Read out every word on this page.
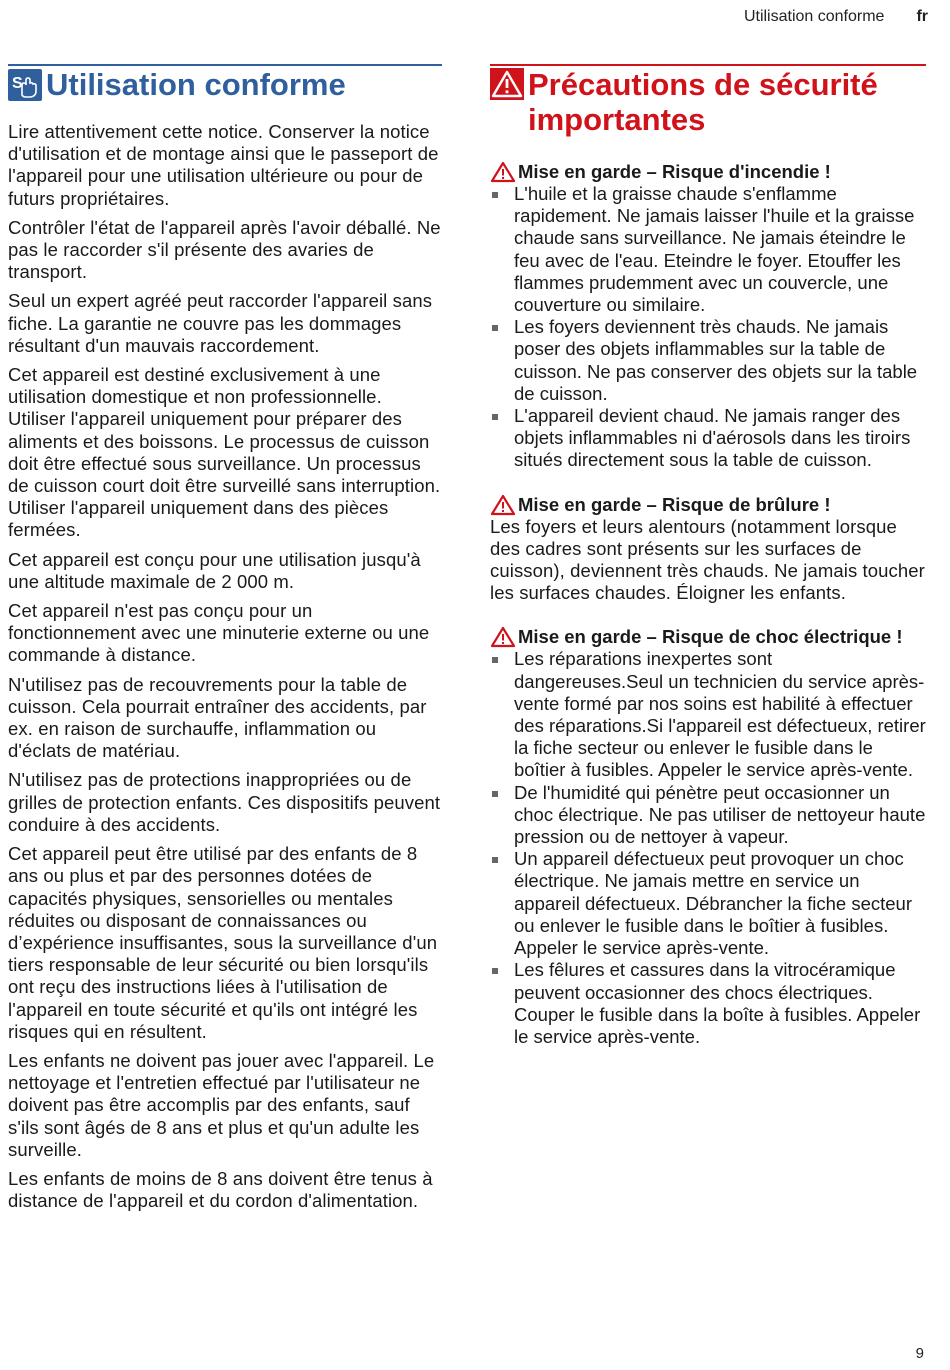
Utilisation conforme fr
S Utilisation conforme

Lire attentivement cette notice. Conserver la notice d'utilisation et de montage ainsi que le passeport de l'appareil pour une utilisation ultérieure ou pour de futurs propriétaires.

Contrôler l'état de l'appareil après l'avoir déballé. Ne pas le raccorder s'il présente des avaries de transport.

Seul un expert agréé peut raccorder l'appareil sans fiche. La garantie ne couvre pas les dommages résultant d'un mauvais raccordement.

Cet appareil est destiné exclusivement à une utilisation domestique et non professionnelle. Utiliser l'appareil uniquement pour préparer des aliments et des boissons. Le processus de cuisson doit être effectué sous surveillance. Un processus de cuisson court doit être surveillé sans interruption. Utiliser l'appareil uniquement dans des pièces fermées.

Cet appareil est conçu pour une utilisation jusqu'à  une altitude maximale de 2 000 m.

Cet appareil n'est pas conçu pour un fonctionnement avec une minuterie externe ou une commande à distance.

N'utilisez pas de recouvrements pour la table de cuisson. Cela pourrait entraîner des accidents, par ex. en raison de surchauffe, inflammation ou d'éclats de matériau.

N'utilisez pas de protections inappropriées ou de grilles de protection enfants. Ces dispositifs peuvent conduire à des accidents.

Cet appareil peut être utilisé par des enfants de 8 ans ou plus et par des personnes dotées de capacités physiques, sensorielles ou mentales réduites ou disposant de connaissances ou d’expérience insuffisantes, sous la surveillance d'un tiers responsable de leur sécurité ou bien lorsqu'ils ont reçu des instructions liées à l'utilisation de l'appareil en toute sécurité et qu'ils ont intégré les risques qui en résultent.

Les enfants ne doivent pas jouer avec l'appareil. Le nettoyage et l'entretien effectué par l'utilisateur ne doivent pas être accomplis par des enfants, sauf s'ils sont âgés de 8 ans et plus et qu'un adulte les surveille.

Les enfants de moins de 8 ans doivent être tenus à distance de l'appareil et du cordon d'alimentation.

Précautions de sécurité importantes
Mise en garde – Risque d'incendie !
L'huile et la graisse chaude s'enflamme rapidement. Ne jamais laisser l'huile et la graisse chaude sans surveillance. Ne jamais éteindre le feu avec de l'eau. Eteindre le foyer. Etouffer les flammes prudemment avec un couvercle, une couverture ou similaire.
Les foyers deviennent très chauds. Ne jamais poser des objets inflammables sur la table de cuisson. Ne pas conserver des objets sur la table de cuisson.
L'appareil devient chaud. Ne jamais ranger des objets inflammables ni d'aérosols dans les tiroirs situés directement sous la table de cuisson.
Mise en garde – Risque de brûlure !

Les foyers et leurs alentours (notamment lorsque des cadres sont présents sur les surfaces de cuisson), deviennent très chauds. Ne jamais toucher les surfaces chaudes. Éloigner les enfants.

Mise en garde – Risque de choc électrique !
Les réparations inexpertes sont dangereuses.Seul un technicien du service après-vente formé par nos soins est habilité à effectuer des réparations.Si l'appareil est défectueux, retirer la fiche secteur ou enlever le fusible dans le boîtier à fusibles. Appeler le service après-vente.
De l'humidité qui pénètre peut occasionner un choc électrique. Ne pas utiliser de nettoyeur haute pression ou de nettoyer à vapeur.
Un appareil défectueux peut provoquer un choc électrique. Ne jamais mettre en service un appareil défectueux. Débrancher la fiche secteur ou enlever le fusible dans le boîtier à fusibles. Appeler le service après-vente.
Les fêlures et cassures dans la vitrocéramique peuvent occasionner des chocs électriques. Couper le fusible dans la boîte à fusibles. Appeler le service après-vente.
9
